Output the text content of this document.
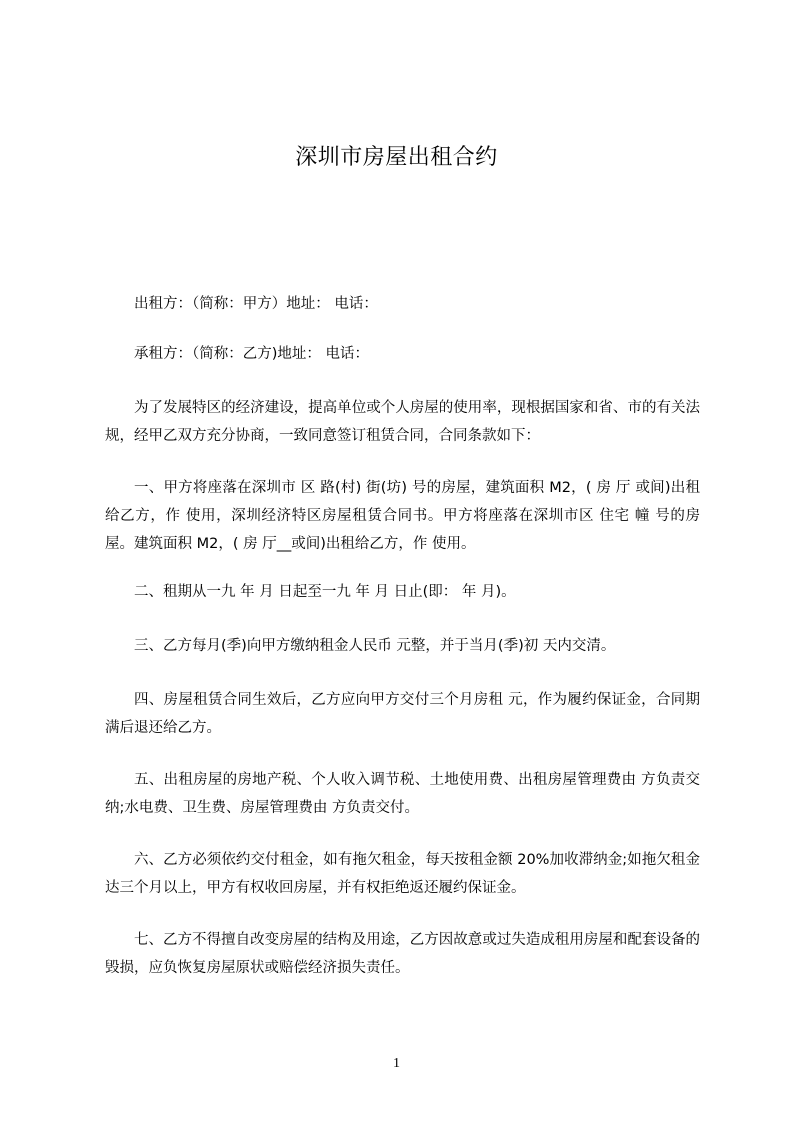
深圳市房屋出租合约

出租方：（简称：甲方）地址： 电话：

承租方：（简称：乙方)地址： 电话：

为了发展特区的经济建设，提高单位或个人房屋的使用率，现根据国家和省、市的有关法规，经甲乙双方充分协商，一致同意签订租赁合同，合同条款如下：

一、甲方将座落在深圳市 区 路(村) 街(坊) 号的房屋，建筑面积 M2，( 房 厅 或间)出租给乙方，作 使用，深圳经济特区房屋租赁合同书。甲方将座落在深圳市区 住宅 幢 号的房屋。建筑面积 M2，( 房 厅__或间)出租给乙方，作 使用。

二、租期从一九 年 月 日起至一九 年 月 日止(即： 年 月)。

三、乙方每月(季)向甲方缴纳租金人民币 元整，并于当月(季)初 天内交清。

四、房屋租赁合同生效后，乙方应向甲方交付三个月房租 元，作为履约保证金，合同期满后退还给乙方。

五、出租房屋的房地产税、个人收入调节税、土地使用费、出租房屋管理费由 方负责交纳;水电费、卫生费、房屋管理费由 方负责交付。

六、乙方必须依约交付租金，如有拖欠租金，每天按租金额 20%加收滞纳金;如拖欠租金达三个月以上，甲方有权收回房屋，并有权拒绝返还履约保证金。

七、乙方不得擅自改变房屋的结构及用途，乙方因故意或过失造成租用房屋和配套设备的毁损，应负恢复房屋原状或赔偿经济损失责任。

1
